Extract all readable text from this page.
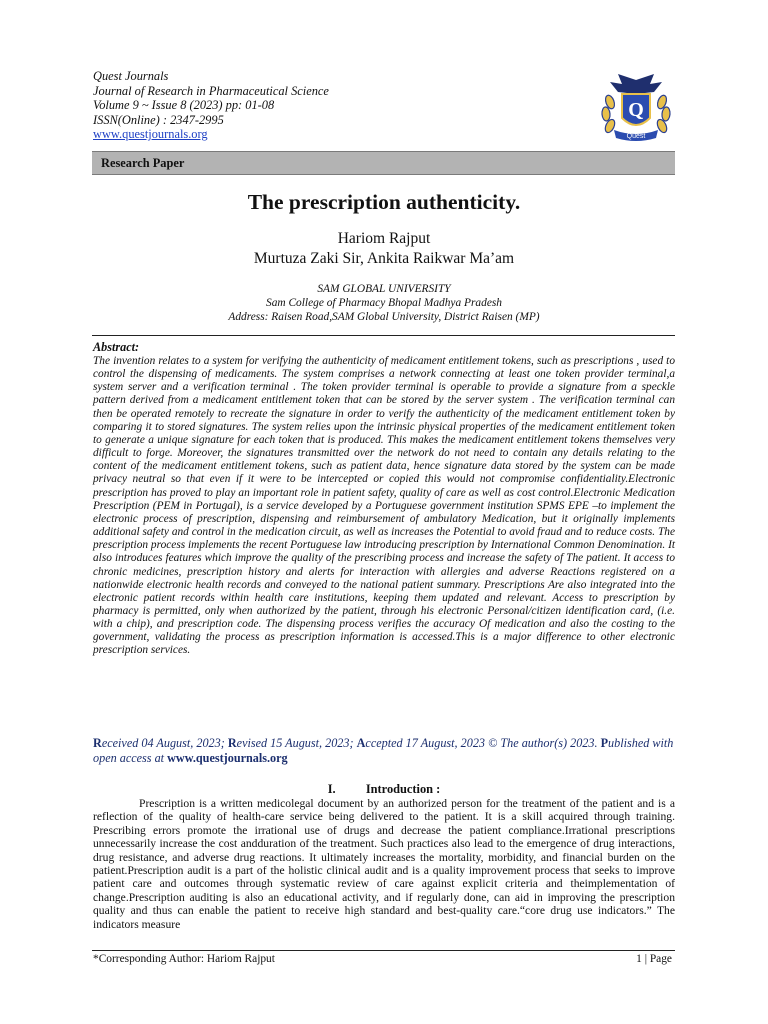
Quest Journals
Journal of Research in Pharmaceutical Science
Volume 9 ~ Issue 8 (2023) pp: 01-08
ISSN(Online) : 2347-2995
www.questjournals.org
Q
Quest
Research Paper
The prescription authenticity.
Hariom Rajput
Murtuza Zaki Sir, Ankita Raikwar Ma’am
SAM GLOBAL UNIVERSITY
Sam College of Pharmacy Bhopal Madhya Pradesh
Address: Raisen Road,SAM Global University, District Raisen (MP)
Abstract:
The invention relates to a system for verifying the authenticity of medicament entitlement tokens, such as prescriptions , used to control the dispensing of medicaments. The system comprises a network connecting at least one token provider terminal,a system server and a verification terminal . The token provider terminal is operable to provide a signature from a speckle pattern derived from a medicament entitlement token that can be stored by the server system . The verification terminal can then be operated remotely to recreate the signature in order to verify the authenticity of the medicament entitlement token by comparing it to stored signatures. The system relies upon the intrinsic physical properties of the medicament entitlement token to generate a unique signature for each token that is produced. This makes the medicament entitlement tokens themselves very difficult to forge. Moreover, the signatures transmitted over the network do not need to contain any details relating to the content of the medicament entitlement tokens, such as patient data, hence signature data stored by the system can be made privacy neutral so that even if it were to be intercepted or copied this would not compromise confidentiality.Electronic prescription has proved to play an important role in patient safety, quality of care as well as cost control.Electronic Medication Prescription (PEM in Portugal), is a service developed by a Portuguese government institution SPMS EPE –to implement the electronic process of prescription, dispensing and reimbursement of ambulatory Medication, but it originally implements additional safety and control in the medication circuit, as well as increases the Potential to avoid fraud and to reduce costs. The prescription process implements the recent Portuguese law introducing prescription by International Common Denomination. It also introduces features which improve the quality of the prescribing process and increase the safety of The patient. It access to chronic medicines, prescription history and alerts for interaction with allergies and adverse Reactions registered on a nationwide electronic health records and conveyed to the national patient summary. Prescriptions Are also integrated into the electronic patient records within health care institutions, keeping them updated and relevant. Access to prescription by pharmacy is permitted, only when authorized by the patient, through his electronic Personal/citizen identification card, (i.e. with a chip), and prescription code. The dispensing process verifies the accuracy Of medication and also the costing to the government, validating the process as prescription information is accessed.This is a major difference to other electronic prescription services.
Received 04 August, 2023; Revised 15 August, 2023; Accepted 17 August, 2023 © The author(s) 2023. Published with open access at www.questjournals.org
I. Introduction :
Prescription is a written medicolegal document by an authorized person for the treatment of the patient and is a reflection of the quality of health-care service being delivered to the patient. It is a skill acquired through training. Prescribing errors promote the irrational use of drugs and decrease the patient compliance.Irrational prescriptions unnecessarily increase the cost andduration of the treatment. Such practices also lead to the emergence of drug interactions, drug resistance, and adverse drug reactions. It ultimately increases the mortality, morbidity, and financial burden on the patient.Prescription audit is a part of the holistic clinical audit and is a quality improvement process that seeks to improve patient care and outcomes through systematic review of care against explicit criteria and theimplementation of change.Prescription auditing is also an educational activity, and if regularly done, can aid in improving the prescription quality and thus can enable the patient to receive high standard and best-quality care.“core drug use indicators.” The indicators measure
*Corresponding Author: Hariom Rajput	1 | Page
